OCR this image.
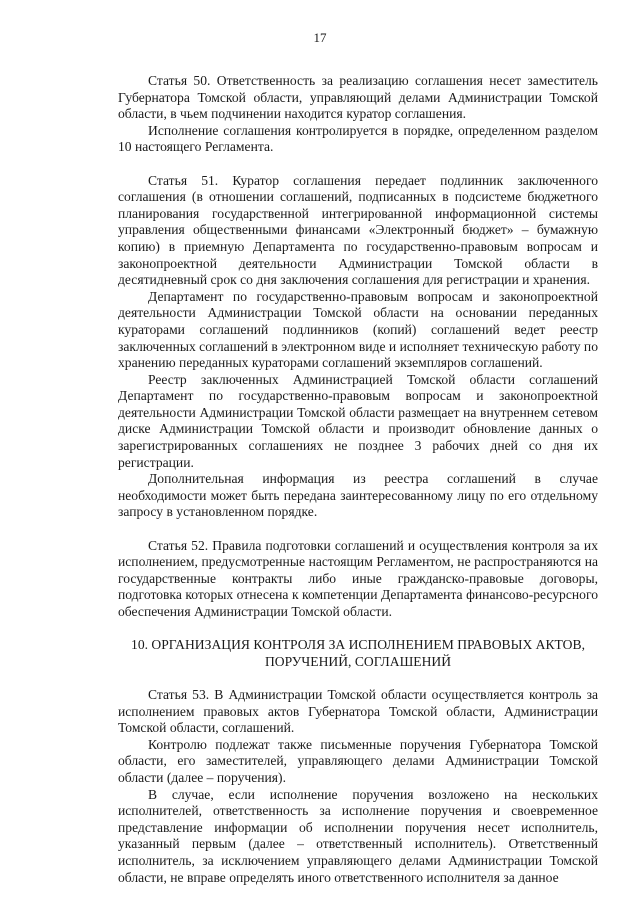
17

Статья 50. Ответственность за реализацию соглашения несет заместитель Губернатора Томской области, управляющий делами Администрации Томской области, в чьем подчинении находится куратор соглашения.

Исполнение соглашения контролируется в порядке, определенном разделом 10 настоящего Регламента.

Статья 51. Куратор соглашения передает подлинник заключенного соглашения (в отношении соглашений, подписанных в подсистеме бюджетного планирования государственной интегрированной информационной системы управления общественными финансами «Электронный бюджет» – бумажную копию) в приемную Департамента по государственно-правовым вопросам и законопроектной деятельности Администрации Томской области в десятидневный срок со дня заключения соглашения для регистрации и хранения.

Департамент по государственно-правовым вопросам и законопроектной деятельности Администрации Томской области на основании переданных кураторами соглашений подлинников (копий) соглашений ведет реестр заключенных соглашений в электронном виде и исполняет техническую работу по хранению переданных кураторами соглашений экземпляров соглашений.

Реестр заключенных Администрацией Томской области соглашений Департамент по государственно-правовым вопросам и законопроектной деятельности Администрации Томской области размещает на внутреннем сетевом диске Администрации Томской области и производит обновление данных о зарегистрированных соглашениях не позднее 3 рабочих дней со дня их регистрации.

Дополнительная информация из реестра соглашений в случае необходимости может быть передана заинтересованному лицу по его отдельному запросу в установленном порядке.

Статья 52. Правила подготовки соглашений и осуществления контроля за их исполнением, предусмотренные настоящим Регламентом, не распространяются на государственные контракты либо иные гражданско-правовые договоры, подготовка которых отнесена к компетенции Департамента финансово-ресурсного обеспечения Администрации Томской области.

10. ОРГАНИЗАЦИЯ КОНТРОЛЯ ЗА ИСПОЛНЕНИЕМ ПРАВОВЫХ АКТОВ,
ПОРУЧЕНИЙ, СОГЛАШЕНИЙ

Статья 53. В Администрации Томской области осуществляется контроль за исполнением правовых актов Губернатора Томской области, Администрации Томской области, соглашений.

Контролю подлежат также письменные поручения Губернатора Томской области, его заместителей, управляющего делами Администрации Томской области (далее – поручения).

В случае, если исполнение поручения возложено на нескольких исполнителей, ответственность за исполнение поручения и своевременное представление информации об исполнении поручения несет исполнитель, указанный первым (далее – ответственный исполнитель). Ответственный исполнитель, за исключением управляющего делами Администрации Томской области, не вправе определять иного ответственного исполнителя за данное
